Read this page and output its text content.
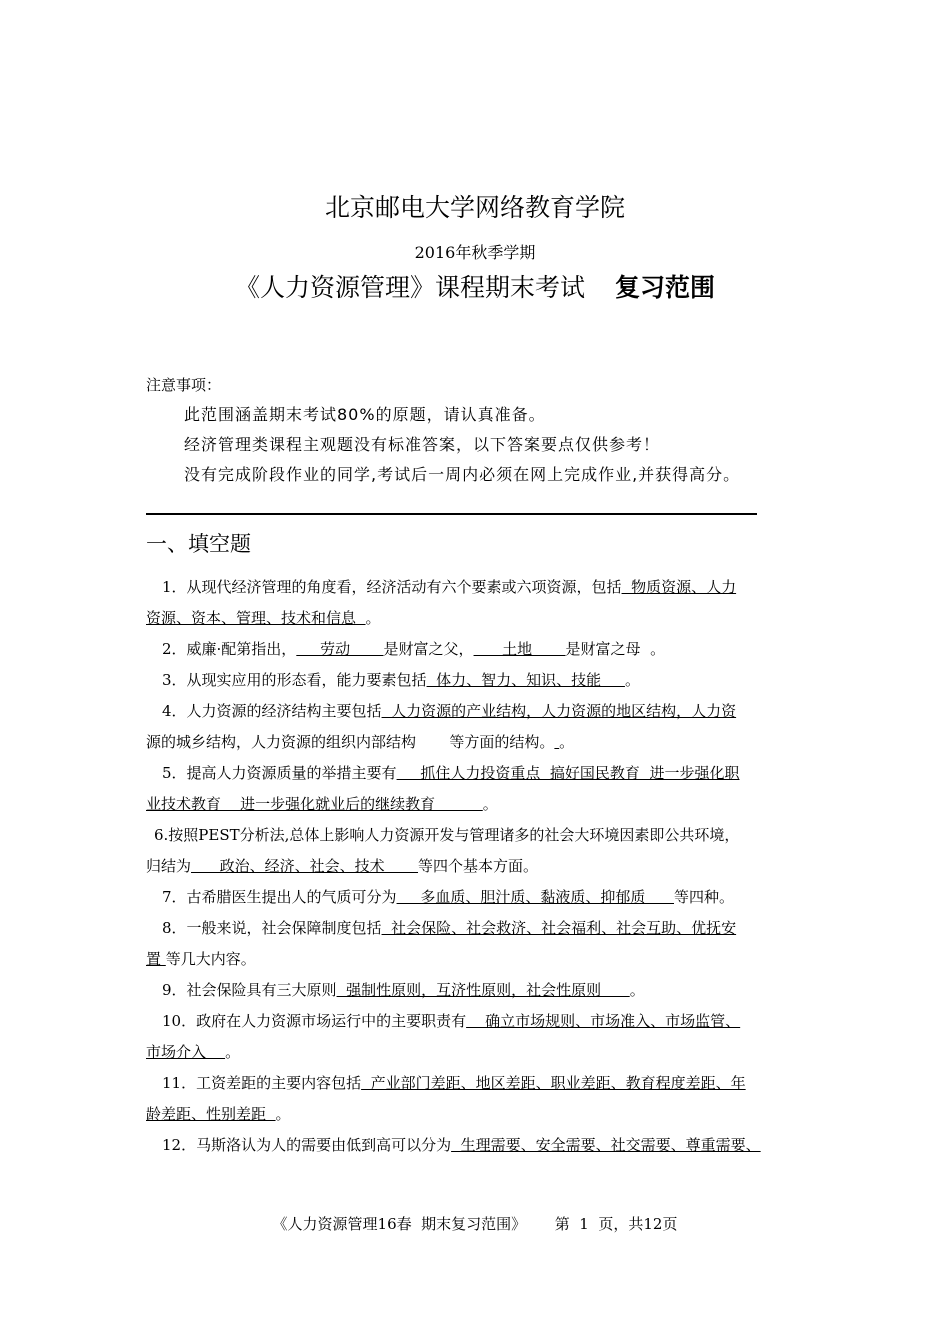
北京邮电大学网络教育学院
2016年秋季学期
《人力资源管理》课程期末考试 复习范围
注意事项：
此范围涵盖期末考试80%的原题，请认真准备。
经济管理类课程主观题没有标准答案，以下答案要点仅供参考！
没有完成阶段作业的同学,考试后一周内必须在网上完成作业,并获得高分。
一、填空题

1．从现代经济管理的角度看，经济活动有六个要素或六项资源，包括  物质资源、人力

资源、资本、管理、技术和信息  。

2．威廉·配第指出，     劳动       是财富之父，      土地       是财富之母  。

3．从现实应用的形态看，能力要素包括  体力、智力、知识、技能     。

4．人力资源的经济结构主要包括  人力资源的产业结构，人力资源的地区结构，人力资

源的城乡结构，人力资源的组织内部结构       等方面的结构。 。

5．提高人力资源质量的举措主要有     抓住人力投资重点  搞好国民教育  进一步强化职

业技术教育    进一步强化就业后的继续教育          。

6.按照PEST分析法,总体上影响人力资源开发与管理诸多的社会大环境因素即公共环境，

归结为      政治、经济、社会、技术       等四个基本方面。

7．古希腊医生提出人的气质可分为     多血质、胆汁质、黏液质、抑郁质      等四种。

8．一般来说，社会保障制度包括  社会保险、社会救济、社会福利、社会互助、优抚安

置 等几大内容。

9．社会保险具有三大原则  强制性原则，互济性原则，社会性原则      。

10．政府在人力资源市场运行中的主要职责有    确立市场规则、市场准入、市场监管、

市场介入    。

11．工资差距的主要内容包括  产业部门差距、地区差距、职业差距、教育程度差距、年

龄差距、性别差距  。

12．马斯洛认为人的需要由低到高可以分为  生理需要、安全需要、社交需要、尊重需要、

《人力资源管理16春  期末复习范围》      第  1  页，共12页
